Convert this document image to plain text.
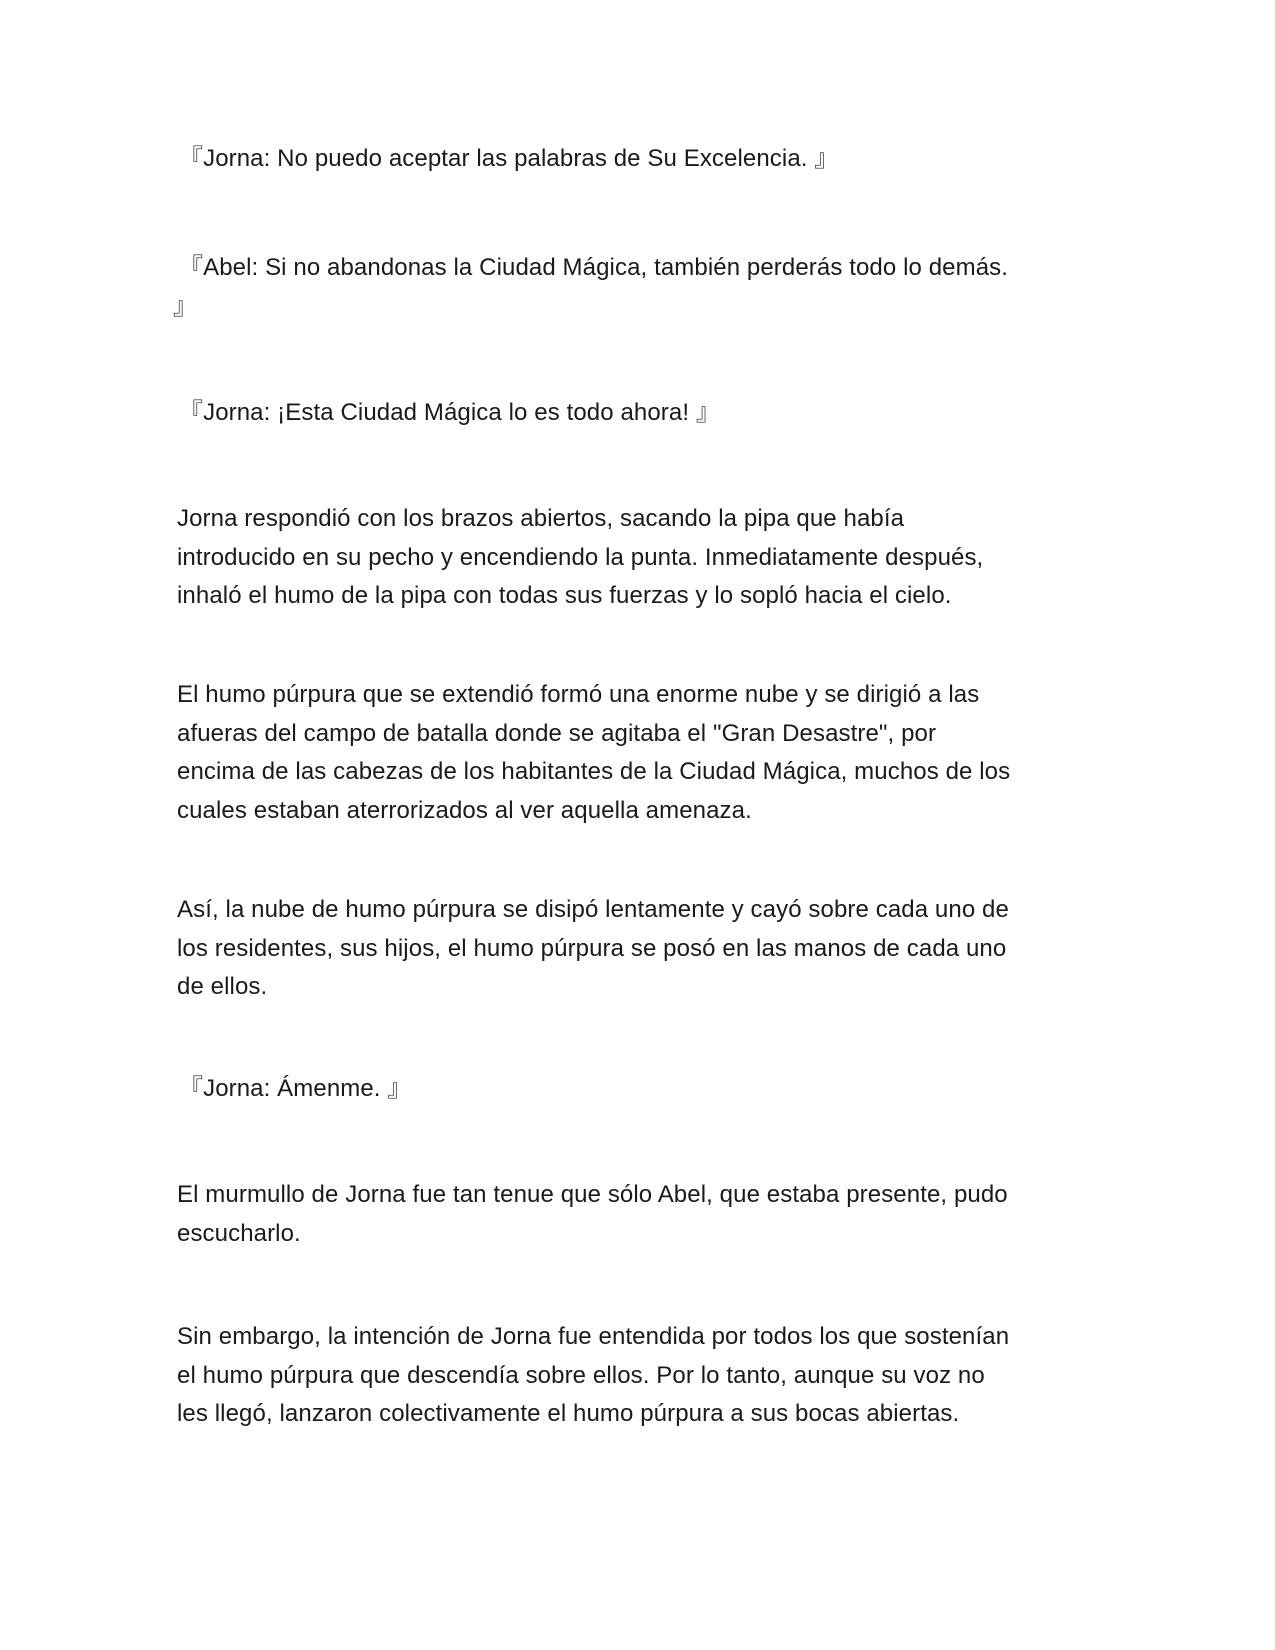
『Jorna: No puedo aceptar las palabras de Su Excelencia. 』

『Abel: Si no abandonas la Ciudad Mágica, también perderás todo lo demás.
』

『Jorna: ¡Esta Ciudad Mágica lo es todo ahora! 』

Jorna respondió con los brazos abiertos, sacando la pipa que había
introducido en su pecho y encendiendo la punta. Inmediatamente después,
inhaló el humo de la pipa con todas sus fuerzas y lo sopló hacia el cielo.

El humo púrpura que se extendió formó una enorme nube y se dirigió a las
afueras del campo de batalla donde se agitaba el "Gran Desastre", por
encima de las cabezas de los habitantes de la Ciudad Mágica, muchos de los
cuales estaban aterrorizados al ver aquella amenaza.

Así, la nube de humo púrpura se disipó lentamente y cayó sobre cada uno de
los residentes, sus hijos, el humo púrpura se posó en las manos de cada uno
de ellos.

『Jorna: Ámenme. 』

El murmullo de Jorna fue tan tenue que sólo Abel, que estaba presente, pudo
escucharlo.

Sin embargo, la intención de Jorna fue entendida por todos los que sostenían
el humo púrpura que descendía sobre ellos. Por lo tanto, aunque su voz no
les llegó, lanzaron colectivamente el humo púrpura a sus bocas abiertas.
